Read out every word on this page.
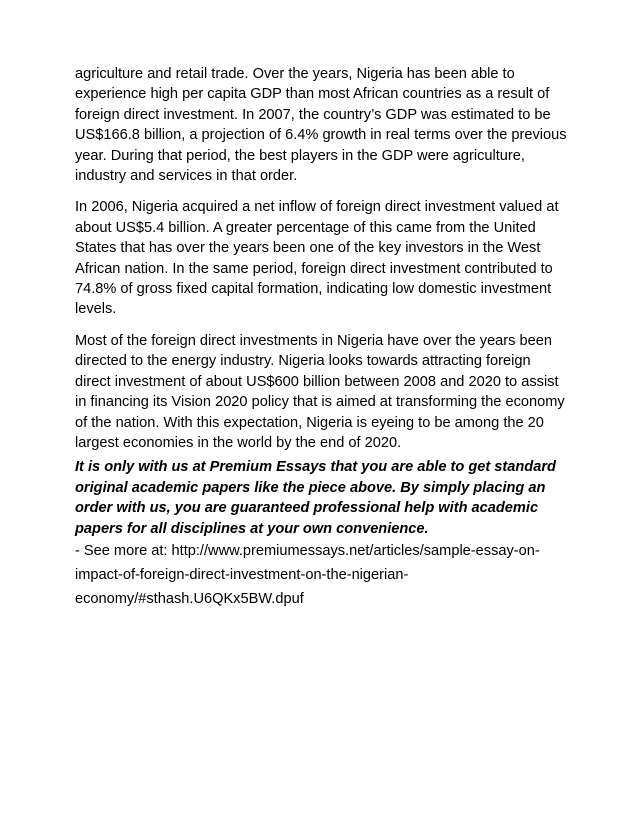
agriculture and retail trade. Over the years, Nigeria has been able to experience high per capita GDP than most African countries as a result of foreign direct investment. In 2007, the country’s GDP was estimated to be US$166.8 billion, a projection of 6.4% growth in real terms over the previous year. During that period, the best players in the GDP were agriculture, industry and services in that order.

In 2006, Nigeria acquired a net inflow of foreign direct investment valued at about US$5.4 billion. A greater percentage of this came from the United States that has over the years been one of the key investors in the West African nation. In the same period, foreign direct investment contributed to 74.8% of gross fixed capital formation, indicating low domestic investment levels.

Most of the foreign direct investments in Nigeria have over the years been directed to the energy industry. Nigeria looks towards attracting foreign direct investment of about US$600 billion between 2008 and 2020 to assist in financing its Vision 2020 policy that is aimed at transforming the economy of the nation. With this expectation, Nigeria is eyeing to be among the 20 largest economies in the world by the end of 2020.

It is only with us at Premium Essays that you are able to get standard original academic papers like the piece above. By simply placing an order with us, you are guaranteed professional help with academic papers for all disciplines at your own convenience.

- See more at: http://www.premiumessays.net/articles/sample-essay-on-impact-of-foreign-direct-investment-on-the-nigerian-economy/#sthash.U6QKx5BW.dpuf
